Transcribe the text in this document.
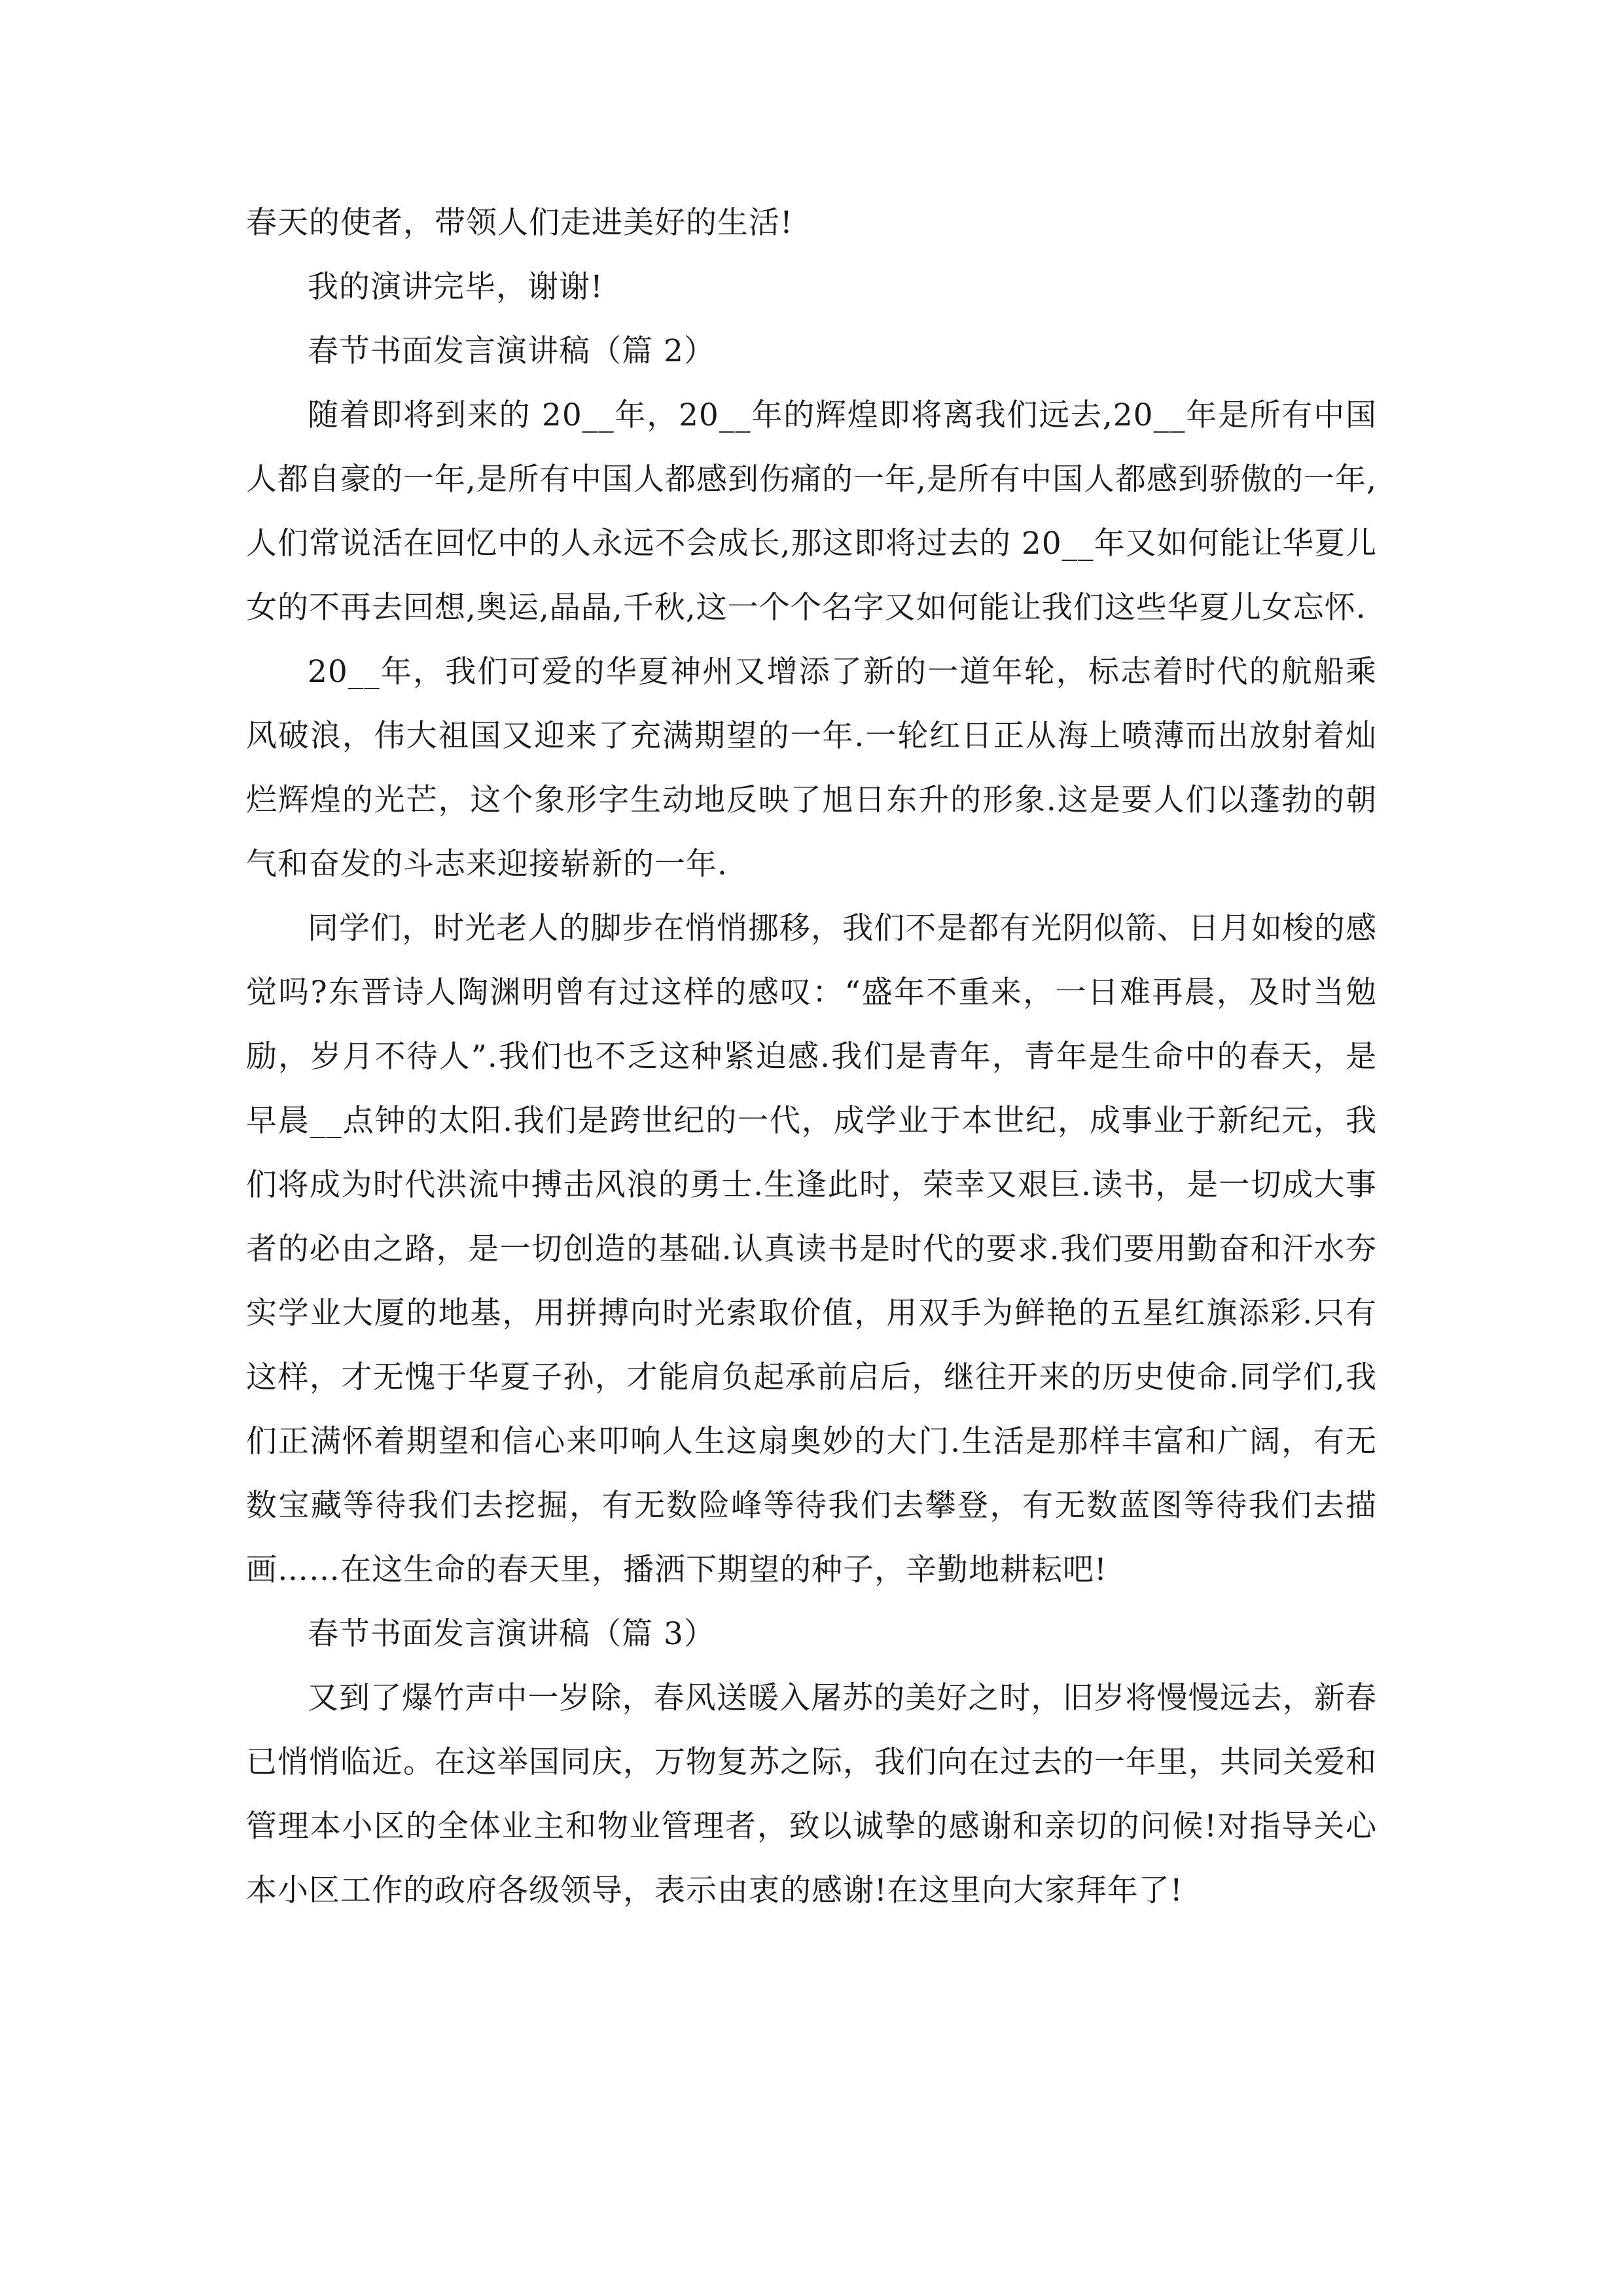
春天的使者，带领人们走进美好的生活!

我的演讲完毕，谢谢!

春节书面发言演讲稿（篇 2）

随着即将到来的 20__年，20__年的辉煌即将离我们远去,20__年是所有中国人都自豪的一年,是所有中国人都感到伤痛的一年,是所有中国人都感到骄傲的一年,人们常说活在回忆中的人永远不会成长,那这即将过去的 20__年又如何能让华夏儿女的不再去回想,奥运,晶晶,千秋,这一个个名字又如何能让我们这些华夏儿女忘怀.

20__年，我们可爱的华夏神州又增添了新的一道年轮，标志着时代的航船乘风破浪，伟大祖国又迎来了充满期望的一年.一轮红日正从海上喷薄而出放射着灿烂辉煌的光芒，这个象形字生动地反映了旭日东升的形象.这是要人们以蓬勃的朝气和奋发的斗志来迎接崭新的一年.

同学们，时光老人的脚步在悄悄挪移，我们不是都有光阴似箭、日月如梭的感觉吗?东晋诗人陶渊明曾有过这样的感叹：“盛年不重来，一日难再晨，及时当勉励，岁月不待人”.我们也不乏这种紧迫感.我们是青年，青年是生命中的春天，是早晨__点钟的太阳.我们是跨世纪的一代，成学业于本世纪，成事业于新纪元，我们将成为时代洪流中搏击风浪的勇士.生逢此时，荣幸又艰巨.读书，是一切成大事者的必由之路，是一切创造的基础.认真读书是时代的要求.我们要用勤奋和汗水夯实学业大厦的地基，用拼搏向时光索取价值，用双手为鲜艳的五星红旗添彩.只有这样，才无愧于华夏子孙，才能肩负起承前启后，继往开来的历史使命.同学们,我们正满怀着期望和信心来叩响人生这扇奥妙的大门.生活是那样丰富和广阔，有无数宝藏等待我们去挖掘，有无数险峰等待我们去攀登，有无数蓝图等待我们去描画……在这生命的春天里，播洒下期望的种子，辛勤地耕耘吧!

春节书面发言演讲稿（篇 3）

又到了爆竹声中一岁除，春风送暖入屠苏的美好之时，旧岁将慢慢远去，新春已悄悄临近。在这举国同庆，万物复苏之际，我们向在过去的一年里，共同关爱和管理本小区的全体业主和物业管理者，致以诚挚的感谢和亲切的问候!对指导关心本小区工作的政府各级领导，表示由衷的感谢!在这里向大家拜年了!
